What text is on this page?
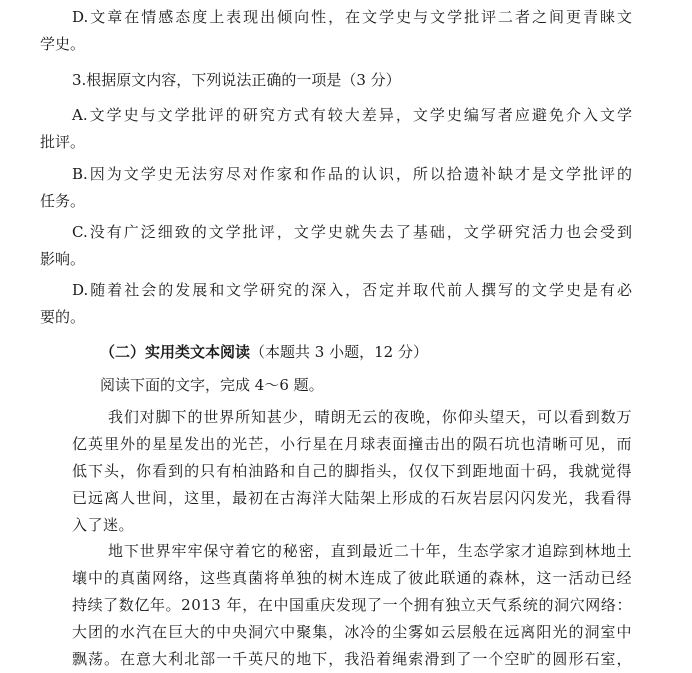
D.文章在情感态度上表现出倾向性，在文学史与文学批评二者之间更青睐文
学史。

3.根据原文内容，下列说法正确的一项是（3 分）

A.文学史与文学批评的研究方式有较大差异，文学史编写者应避免介入文学
批评。

B.因为文学史无法穷尽对作家和作品的认识，所以拾遗补缺才是文学批评的
任务。

C.没有广泛细致的文学批评，文学史就失去了基础，文学研究活力也会受到
影响。

D.随着社会的发展和文学研究的深入，否定并取代前人撰写的文学史是有必
要的。

（二）实用类文本阅读（本题共 3 小题，12 分）

阅读下面的文字，完成 4～6 题。

我们对脚下的世界所知甚少，晴朗无云的夜晚，你仰头望天，可以看到数万
亿英里外的星星发出的光芒，小行星在月球表面撞击出的陨石坑也清晰可见，而
低下头，你看到的只有柏油路和自己的脚指头，仅仅下到距地面十码，我就觉得
已远离人世间，这里，最初在古海洋大陆架上形成的石灰岩层闪闪发光，我看得
入了迷。

地下世界牢牢保守着它的秘密，直到最近二十年，生态学家才追踪到林地土
壤中的真菌网络，这些真菌将单独的树木连成了彼此联通的森林，这一活动已经
持续了数亿年。2013 年，在中国重庆发现了一个拥有独立天气系统的洞穴网络：
大团的水汽在巨大的中央洞穴中聚集，冰冷的尘雾如云层般在远离阳光的洞室中
飘荡。在意大利北部一千英尺的地下，我沿着绳索滑到了一个空旷的圆形石室，
